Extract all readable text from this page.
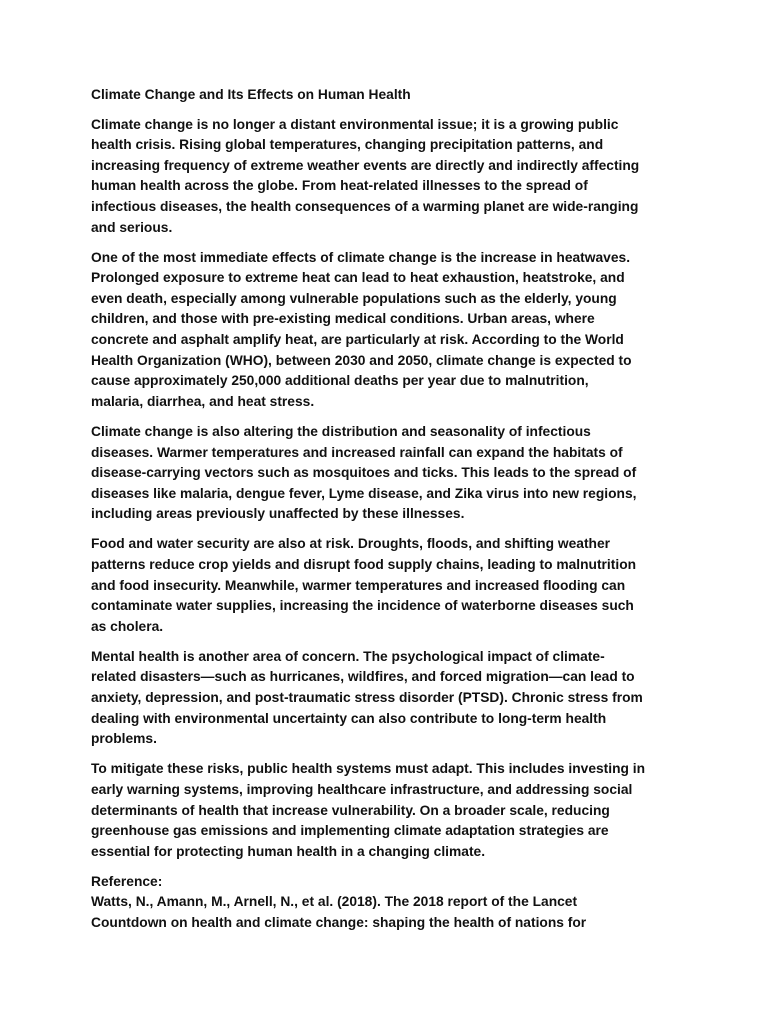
Climate Change and Its Effects on Human Health
Climate change is no longer a distant environmental issue; it is a growing public
health crisis. Rising global temperatures, changing precipitation patterns, and
increasing frequency of extreme weather events are directly and indirectly affecting
human health across the globe. From heat-related illnesses to the spread of
infectious diseases, the health consequences of a warming planet are wide-ranging
and serious.
One of the most immediate effects of climate change is the increase in heatwaves.
Prolonged exposure to extreme heat can lead to heat exhaustion, heatstroke, and
even death, especially among vulnerable populations such as the elderly, young
children, and those with pre-existing medical conditions. Urban areas, where
concrete and asphalt amplify heat, are particularly at risk. According to the World
Health Organization (WHO), between 2030 and 2050, climate change is expected to
cause approximately 250,000 additional deaths per year due to malnutrition,
malaria, diarrhea, and heat stress.
Climate change is also altering the distribution and seasonality of infectious
diseases. Warmer temperatures and increased rainfall can expand the habitats of
disease-carrying vectors such as mosquitoes and ticks. This leads to the spread of
diseases like malaria, dengue fever, Lyme disease, and Zika virus into new regions,
including areas previously unaffected by these illnesses.
Food and water security are also at risk. Droughts, floods, and shifting weather
patterns reduce crop yields and disrupt food supply chains, leading to malnutrition
and food insecurity. Meanwhile, warmer temperatures and increased flooding can
contaminate water supplies, increasing the incidence of waterborne diseases such
as cholera.
Mental health is another area of concern. The psychological impact of climate-
related disasters—such as hurricanes, wildfires, and forced migration—can lead to
anxiety, depression, and post-traumatic stress disorder (PTSD). Chronic stress from
dealing with environmental uncertainty can also contribute to long-term health
problems.
To mitigate these risks, public health systems must adapt. This includes investing in
early warning systems, improving healthcare infrastructure, and addressing social
determinants of health that increase vulnerability. On a broader scale, reducing
greenhouse gas emissions and implementing climate adaptation strategies are
essential for protecting human health in a changing climate.
Reference:
Watts, N., Amann, M., Arnell, N., et al. (2018). The 2018 report of the Lancet
Countdown on health and climate change: shaping the health of nations for
